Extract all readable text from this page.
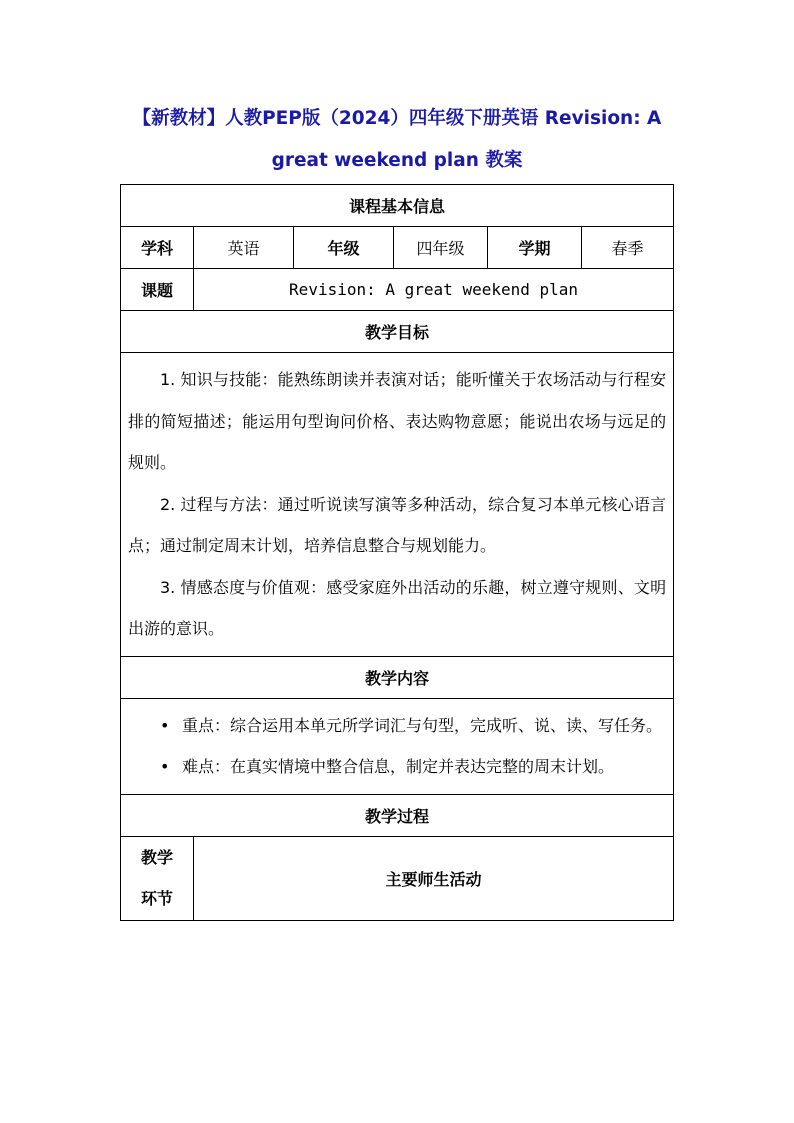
【新教材】人教PEP版（2024）四年级下册英语 Revision: A
great weekend plan 教案
课程基本信息					
学科	英语	年级	四年级	学期	春季
课题	Revision: A great weekend plan				
教学目标					

1. 知识与技能：能熟练朗读并表演对话；能听懂关于农场活动与行程安排的简短描述；能运用句型询问价格、表达购物意愿；能说出农场与远足的规则。

2. 过程与方法：通过听说读写演等多种活动，综合复习本单元核心语言点；通过制定周末计划，培养信息整合与规划能力。

3. 情感态度与价值观：感受家庭外出活动的乐趣，树立遵守规则、文明出游的意识。					

教学内容					

• 重点：综合运用本单元所学词汇与句型，完成听、说、读、写任务。

• 难点：在真实情境中整合信息，制定并表达完整的周末计划。					

教学过程					
教学环节	主要师生活动				
